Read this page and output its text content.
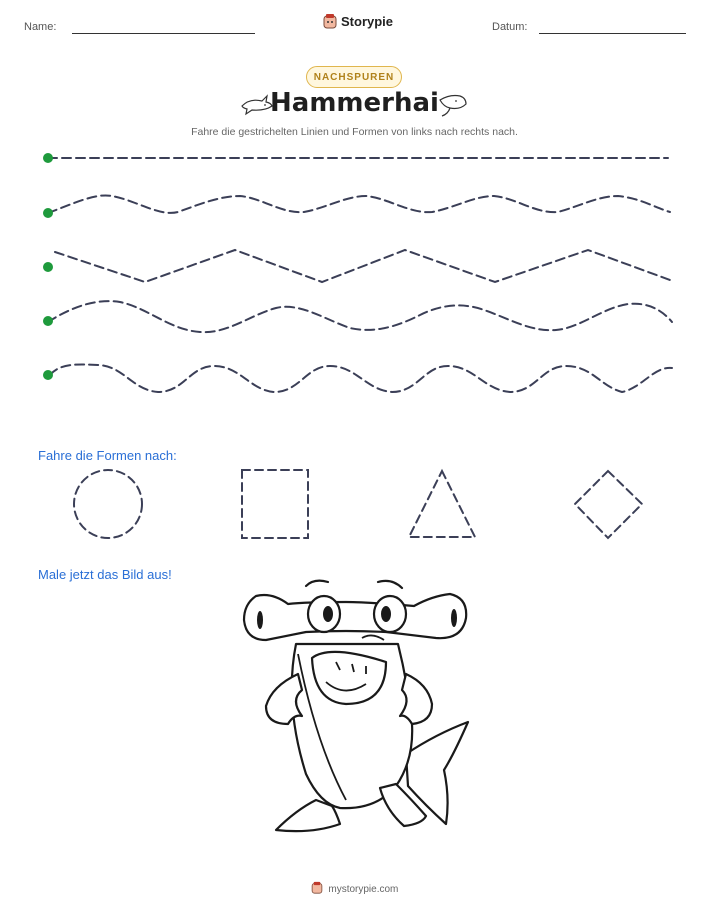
Name:	Storypie	Datum:
NACHSPUREN
Hammerhai
Fahre die gestrichelten Linien und Formen von links nach rechts nach.
Fahre die Formen nach:
Male jetzt das Bild aus!
mystorypie.com
